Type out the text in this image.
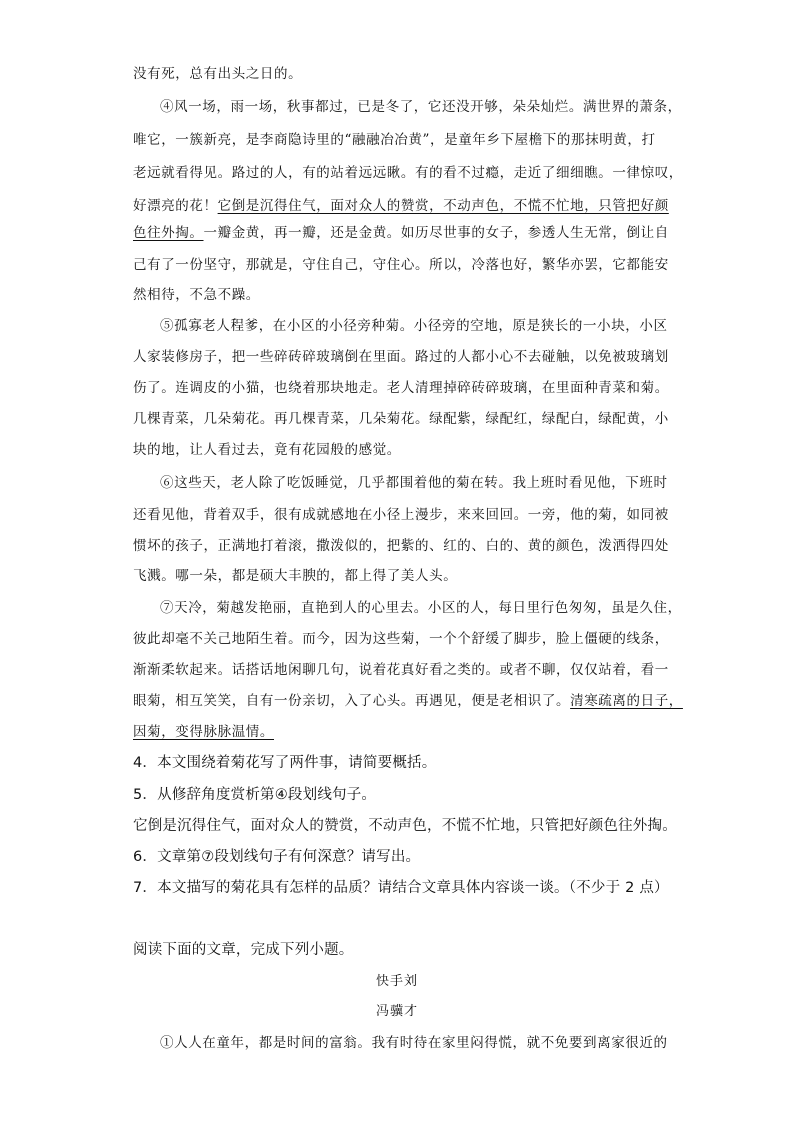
没有死，总有出头之日的。
④风一场，雨一场，秋事都过，已是冬了，它还没开够，朵朵灿烂。满世界的萧条，
唯它，一簇新亮，是李商隐诗里的“融融冶冶黄”，是童年乡下屋檐下的那抹明黄，打
老远就看得见。路过的人，有的站着远远瞅。有的看不过瘾，走近了细细瞧。一律惊叹，
好漂亮的花！它倒是沉得住气，面对众人的赞赏，不动声色，不慌不忙地，只管把好颜
色往外掏。一瓣金黄，再一瓣，还是金黄。如历尽世事的女子，参透人生无常，倒让自
己有了一份坚守，那就是，守住自己，守住心。所以，冷落也好，繁华亦罢，它都能安
然相待，不急不躁。
⑤孤寡老人程爹，在小区的小径旁种菊。小径旁的空地，原是狭长的一小块，小区
人家装修房子，把一些碎砖碎玻璃倒在里面。路过的人都小心不去碰触，以免被玻璃划
伤了。连调皮的小猫，也绕着那块地走。老人清理掉碎砖碎玻璃，在里面种青菜和菊。
几棵青菜，几朵菊花。再几棵青菜，几朵菊花。绿配紫，绿配红，绿配白，绿配黄，小
块的地，让人看过去，竟有花园般的感觉。
⑥这些天，老人除了吃饭睡觉，几乎都围着他的菊在转。我上班时看见他，下班时
还看见他，背着双手，很有成就感地在小径上漫步，来来回回。一旁，他的菊，如同被
惯坏的孩子，正满地打着滚，撒泼似的，把紫的、红的、白的、黄的颜色，泼洒得四处
飞溅。哪一朵，都是硕大丰腴的，都上得了美人头。
⑦天冷，菊越发艳丽，直艳到人的心里去。小区的人，每日里行色匆匆，虽是久住，
彼此却毫不关己地陌生着。而今，因为这些菊，一个个舒缓了脚步，脸上僵硬的线条，
渐渐柔软起来。话搭话地闲聊几句，说着花真好看之类的。或者不聊，仅仅站着，看一
眼菊，相互笑笑，自有一份亲切，入了心头。再遇见，便是老相识了。清寒疏离的日子，
因菊，变得脉脉温情。
4．本文围绕着菊花写了两件事，请简要概括。
5．从修辞角度赏析第④段划线句子。
它倒是沉得住气，面对众人的赞赏，不动声色，不慌不忙地，只管把好颜色往外掏。
6．文章第⑦段划线句子有何深意？请写出。
7．本文描写的菊花具有怎样的品质？请结合文章具体内容谈一谈。（不少于 2 点）
阅读下面的文章，完成下列小题。
快手刘
冯骥才
①人人在童年，都是时间的富翁。我有时待在家里闷得慌，就不免要到离家很近的
